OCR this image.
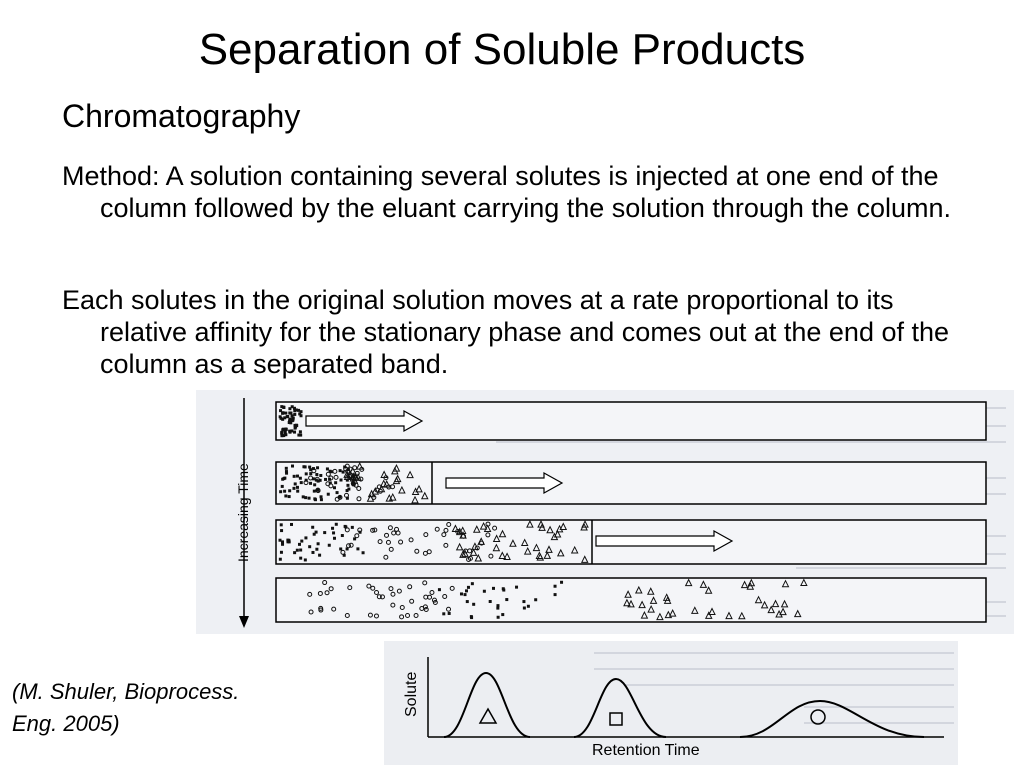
Separation of Soluble Products
Chromatography
Method: A solution containing several solutes is injected at one end of the column followed by the eluant carrying the solution through the column.
Each solutes in the original solution moves at a rate proportional to its relative affinity for the stationary phase and comes out at the end of the column as a separated band.
Increasing Time
Solute
Retention Time
(M. Shuler, Bioprocess.
Eng. 2005)
